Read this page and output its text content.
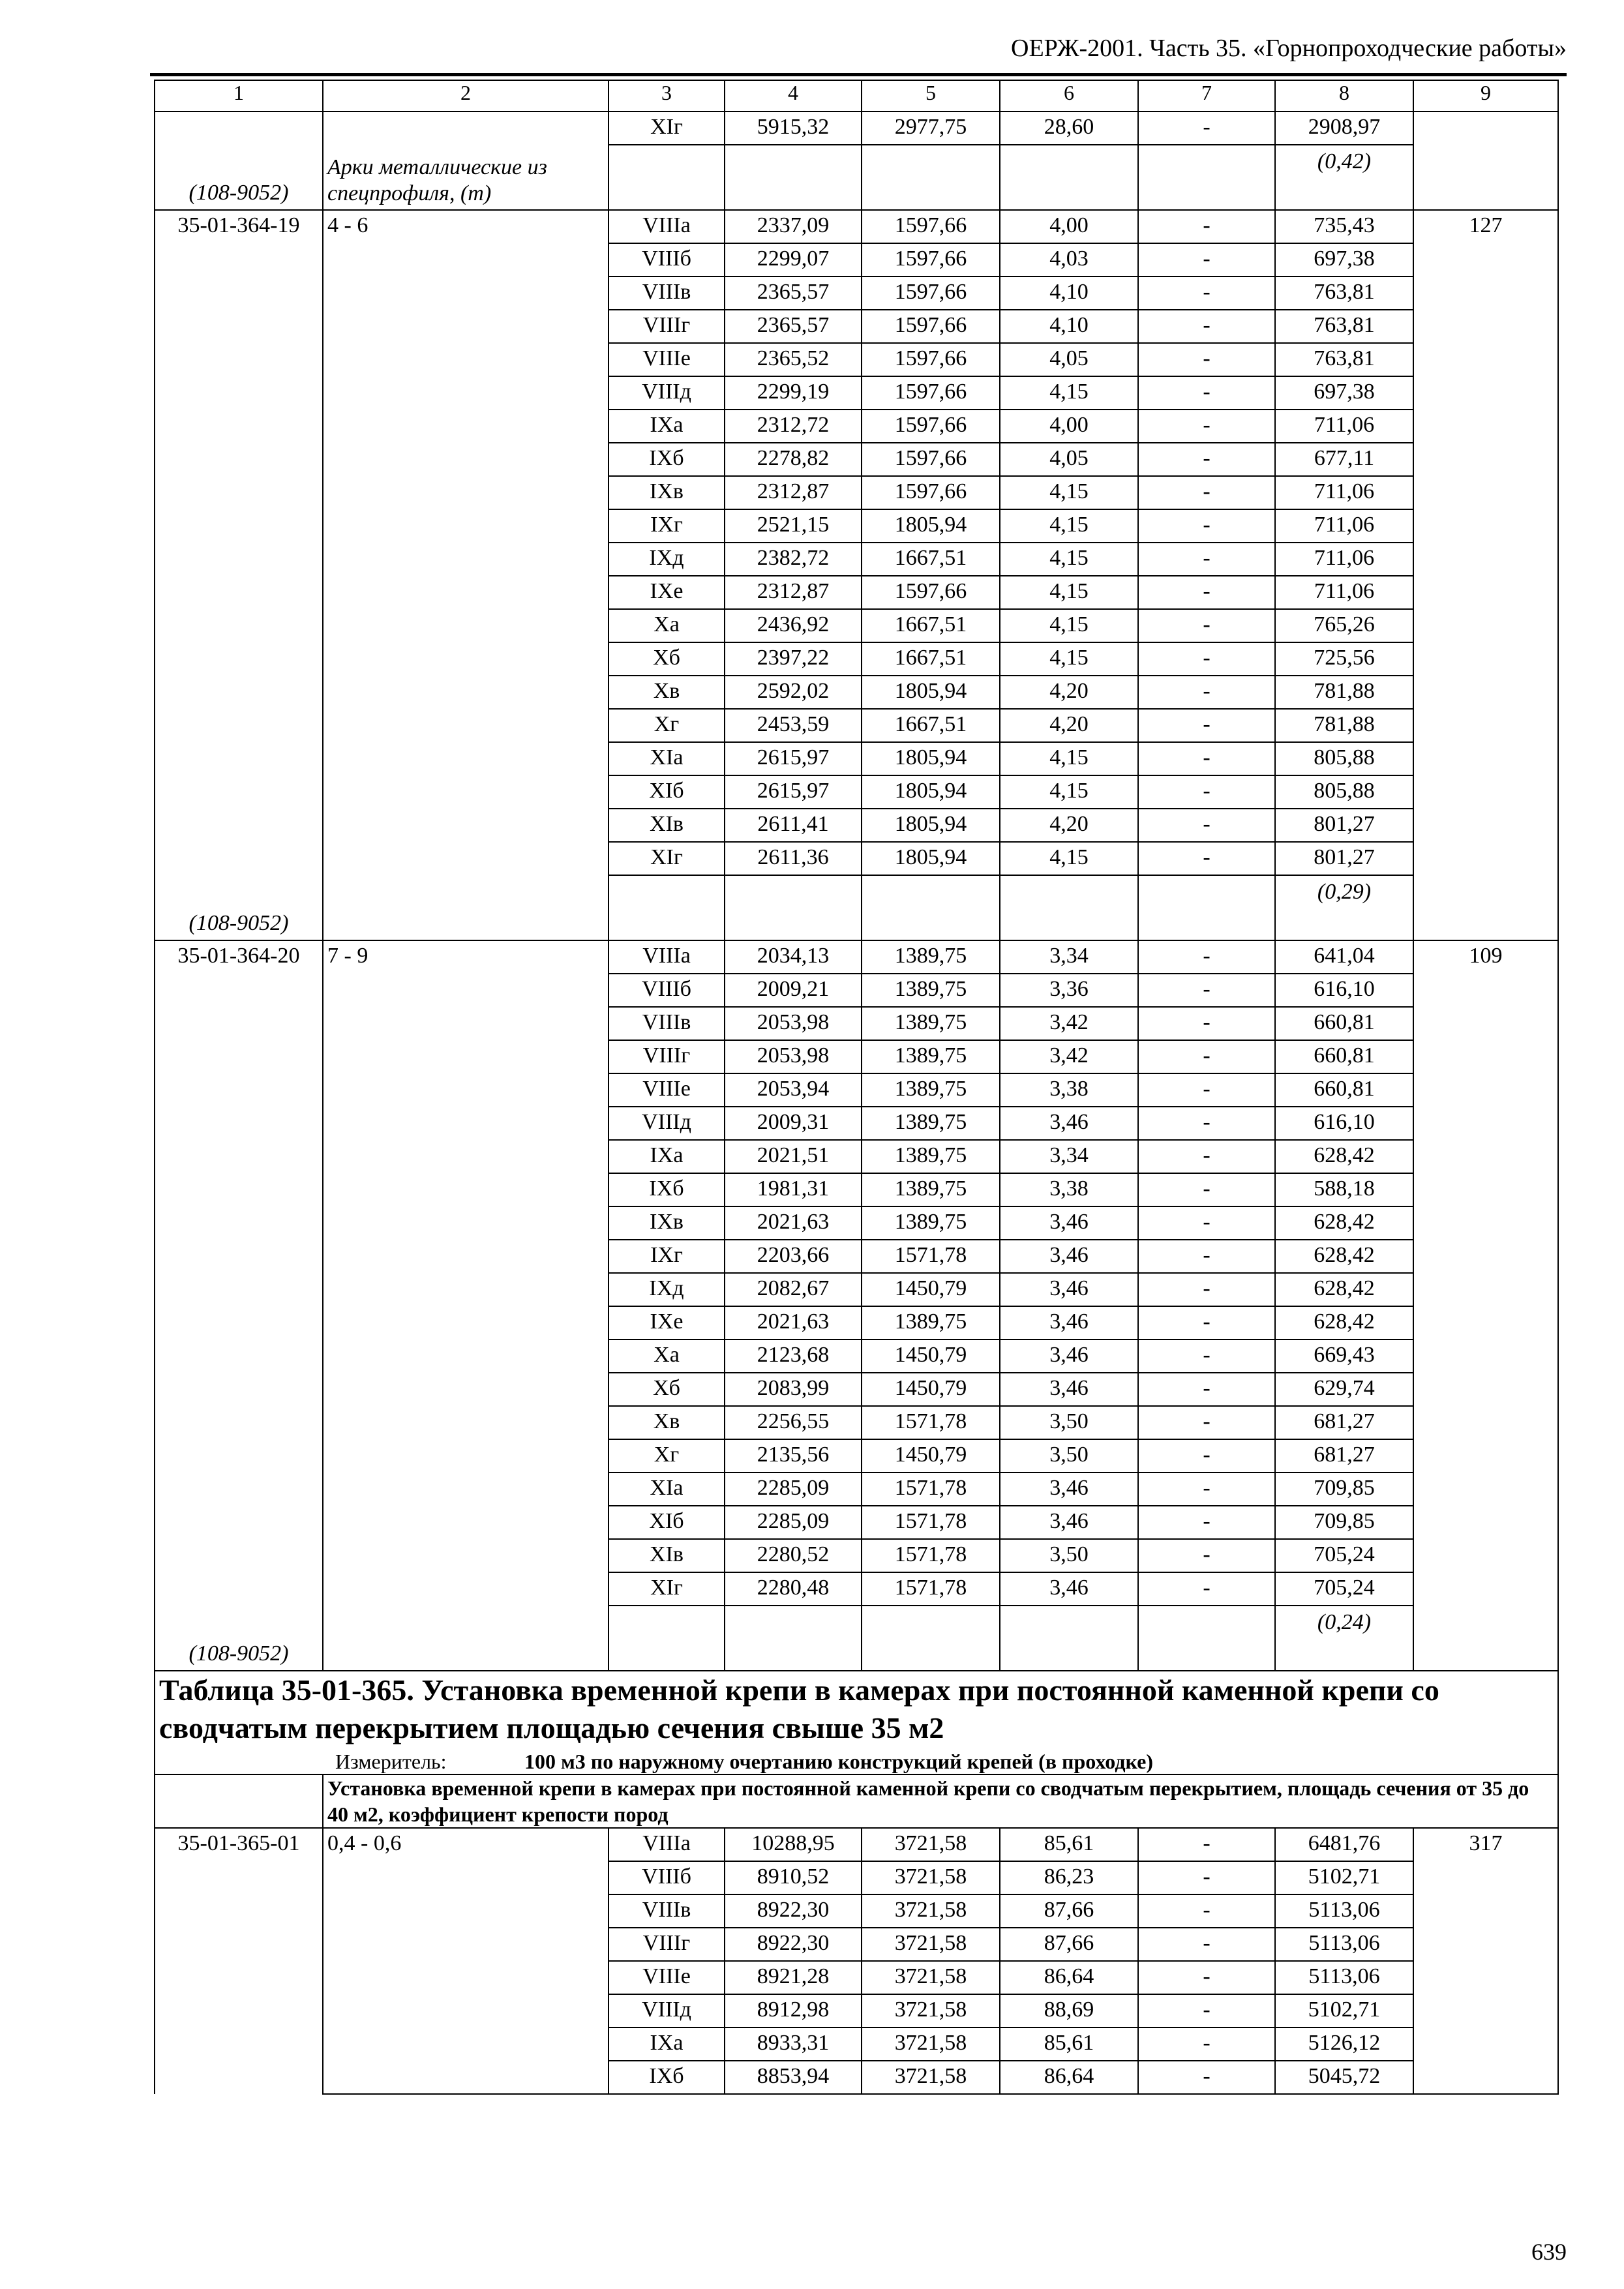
ОЕРЖ-2001. Часть 35. «Горнопроходческие работы»
1	2	3	4	5	6	7	8	9

	Арки металлические из спецпрофиля, (т)	XIг	5915,32	2977,75	28,60	-	2908,97	
(108-9052)							(0,42)	

35-01-364-19	4 - 6	VIIIа	2337,09	1597,66	4,00	-	735,43	127
		VIIIб	2299,07	1597,66	4,03	-	697,38	
		VIIIв	2365,57	1597,66	4,10	-	763,81	
		VIIIг	2365,57	1597,66	4,10	-	763,81	
		VIIIе	2365,52	1597,66	4,05	-	763,81	
		VIIIд	2299,19	1597,66	4,15	-	697,38	
		IXа	2312,72	1597,66	4,00	-	711,06	
		IXб	2278,82	1597,66	4,05	-	677,11	
		IXв	2312,87	1597,66	4,15	-	711,06	
		IXг	2521,15	1805,94	4,15	-	711,06	
		IXд	2382,72	1667,51	4,15	-	711,06	
		IXе	2312,87	1597,66	4,15	-	711,06	
		Xа	2436,92	1667,51	4,15	-	765,26	
		Xб	2397,22	1667,51	4,15	-	725,56	
		Xв	2592,02	1805,94	4,20	-	781,88	
		Xг	2453,59	1667,51	4,20	-	781,88	
		XIа	2615,97	1805,94	4,15	-	805,88	
		XIб	2615,97	1805,94	4,15	-	805,88	
		XIв	2611,41	1805,94	4,20	-	801,27	
		XIг	2611,36	1805,94	4,15	-	801,27	
(108-9052)							(0,29)	

35-01-364-20	7 - 9	VIIIа	2034,13	1389,75	3,34	-	641,04	109
		VIIIб	2009,21	1389,75	3,36	-	616,10	
		VIIIв	2053,98	1389,75	3,42	-	660,81	
		VIIIг	2053,98	1389,75	3,42	-	660,81	
		VIIIе	2053,94	1389,75	3,38	-	660,81	
		VIIIд	2009,31	1389,75	3,46	-	616,10	
		IXа	2021,51	1389,75	3,34	-	628,42	
		IXб	1981,31	1389,75	3,38	-	588,18	
		IXв	2021,63	1389,75	3,46	-	628,42	
		IXг	2203,66	1571,78	3,46	-	628,42	
		IXд	2082,67	1450,79	3,46	-	628,42	
		IXе	2021,63	1389,75	3,46	-	628,42	
		Xа	2123,68	1450,79	3,46	-	669,43	
		Xб	2083,99	1450,79	3,46	-	629,74	
		Xв	2256,55	1571,78	3,50	-	681,27	
		Xг	2135,56	1450,79	3,50	-	681,27	
		XIа	2285,09	1571,78	3,46	-	709,85	
		XIб	2285,09	1571,78	3,46	-	709,85	
		XIв	2280,52	1571,78	3,50	-	705,24	
		XIг	2280,48	1571,78	3,46	-	705,24	
(108-9052)							(0,24)	

Таблица 35-01-365. Установка временной крепи в камерах при постоянной каменной крепи со сводчатым перекрытием площадью сечения свыше 35 м2
Измеритель: 100 м3 по наружному очертанию конструкций крепей (в проходке)								

	Установка временной крепи в камерах при постоянной каменной крепи со сводчатым перекрытием, площадь сечения от 35 до 40 м2, коэффициент крепости пород							
35-01-365-01	0,4 - 0,6	VIIIа	10288,95	3721,58	85,61	-	6481,76	317
		VIIIб	8910,52	3721,58	86,23	-	5102,71	
		VIIIв	8922,30	3721,58	87,66	-	5113,06	
		VIIIг	8922,30	3721,58	87,66	-	5113,06	
		VIIIе	8921,28	3721,58	86,64	-	5113,06	
		VIIIд	8912,98	3721,58	88,69	-	5102,71	
		IXа	8933,31	3721,58	85,61	-	5126,12	
		IXб	8853,94	3721,58	86,64	-	5045,72	
639
